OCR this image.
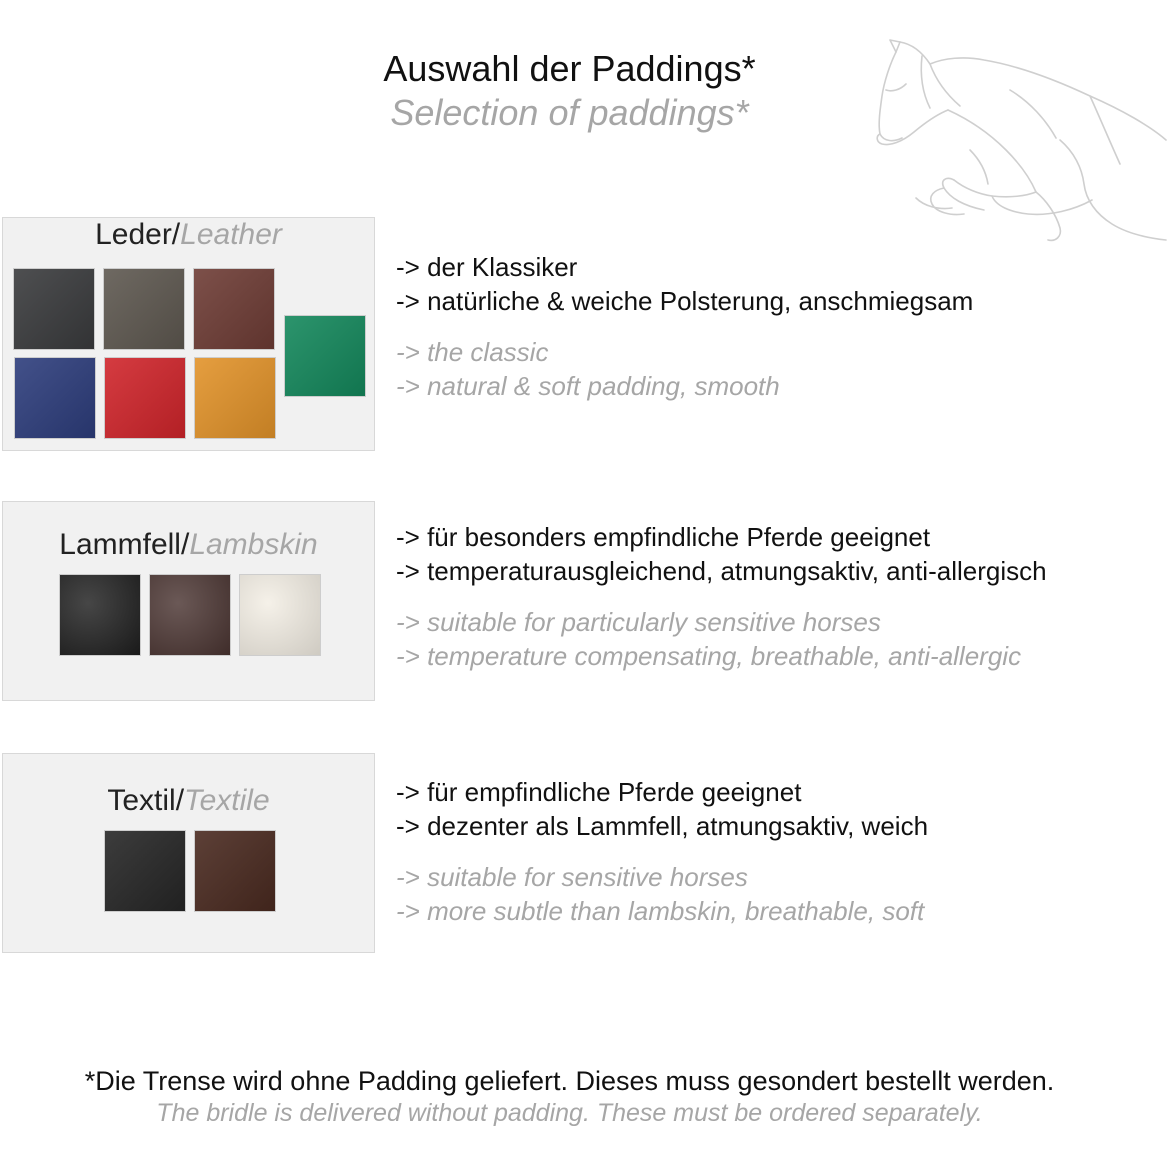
Auswahl der Paddings*
Selection of paddings*
Leder/Leather
-> der Klassiker
-> natürliche & weiche Polsterung, anschmiegsam
-> the classic
-> natural & soft padding, smooth
Lammfell/Lambskin	-> für besonders empfindliche Pferde geeignet
-> temperaturausgleichend, atmungsaktiv, anti-allergisch
-> suitable for particularly sensitive horses
-> temperature compensating, breathable, anti-allergic
Textil/Textile	-> für empfindliche Pferde geeignet
-> dezenter als Lammfell, atmungsaktiv, weich
-> suitable for sensitive horses
-> more subtle than lambskin, breathable, soft
*Die Trense wird ohne Padding geliefert. Dieses muss gesondert bestellt werden.
The bridle is delivered without padding. These must be ordered separately.
